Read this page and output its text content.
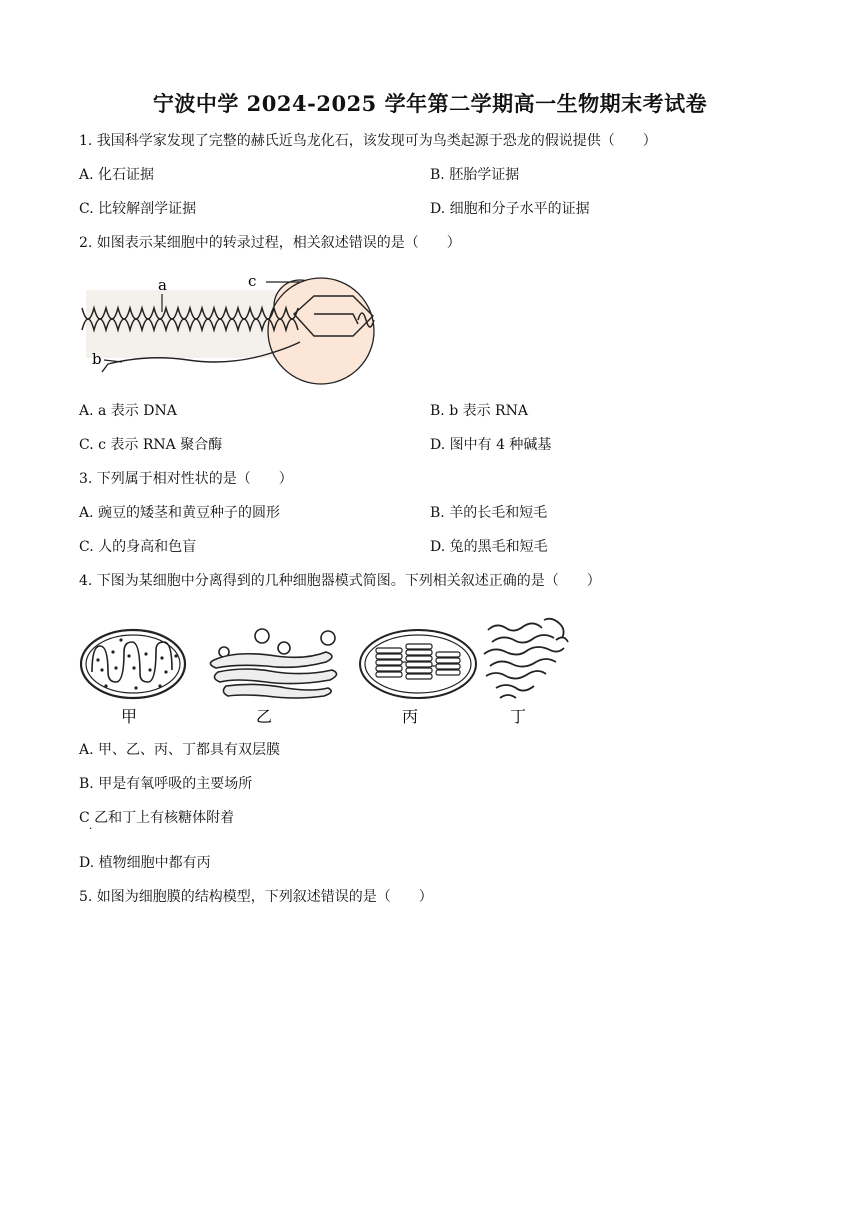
宁波中学 2024-2025 学年第二学期高一生物期末考试卷
1. 我国科学家发现了完整的赫氏近鸟龙化石，该发现可为鸟类起源于恐龙的假说提供（　　）
A. 化石证据	B. 胚胎学证据
C. 比较解剖学证据	D. 细胞和分子水平的证据
2. 如图表示某细胞中的转录过程，相关叙述错误的是（　　）
a
b
c
A. a 表示 DNA	B. b 表示 RNA
C. c 表示 RNA 聚合酶	D. 图中有 4 种碱基
3. 下列属于相对性状的是（　　）
A. 豌豆的矮茎和黄豆种子的圆形	B. 羊的长毛和短毛
C. 人的身高和色盲	D. 兔的黑毛和短毛
4. 下图为某细胞中分离得到的几种细胞器模式简图。下列相关叙述正确的是（　　）
甲	乙	丙	丁
A. 甲、乙、丙、丁都具有双层膜
B. 甲是有氧呼吸的主要场所
C 乙和丁上有核糖体附着
·
D. 植物细胞中都有丙
5. 如图为细胞膜的结构模型，下列叙述错误的是（　　）
